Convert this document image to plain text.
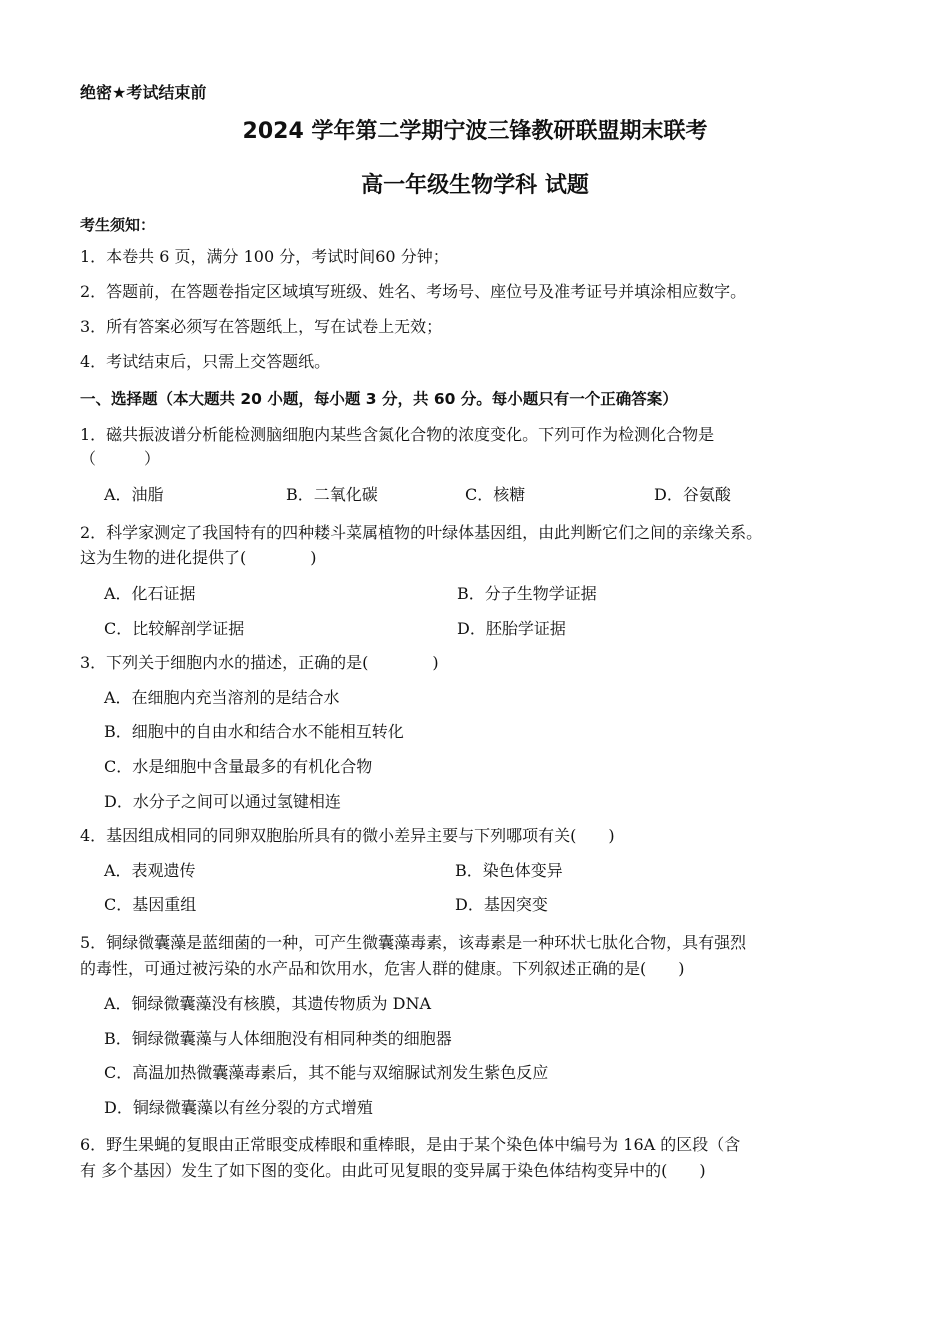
绝密★考试结束前
2024 学年第二学期宁波三锋教研联盟期末联考
高一年级生物学科 试题
考生须知：
1．本卷共 6 页，满分 100 分，考试时间60 分钟；
2．答题前，在答题卷指定区域填写班级、姓名、考场号、座位号及准考证号并填涂相应数字。
3．所有答案必须写在答题纸上，写在试卷上无效；
4．考试结束后，只需上交答题纸。
一、选择题（本大题共 20 小题，每小题 3 分，共 60 分。每小题只有一个正确答案）
1．磁共振波谱分析能检测脑细胞内某些含氮化合物的浓度变化。下列可作为检测化合物是
（　　　）
A．油脂	B．二氧化碳	C．核糖	D．谷氨酸
2．科学家测定了我国特有的四种耧斗菜属植物的叶绿体基因组，由此判断它们之间的亲缘关系。
这为生物的进化提供了(　　　　)
A．化石证据	B．分子生物学证据
C．比较解剖学证据	D．胚胎学证据
3．下列关于细胞内水的描述，正确的是(　　　　)
A．在细胞内充当溶剂的是结合水
B．细胞中的自由水和结合水不能相互转化
C．水是细胞中含量最多的有机化合物
D．水分子之间可以通过氢键相连
4．基因组成相同的同卵双胞胎所具有的微小差异主要与下列哪项有关(　　)
A．表观遗传	B．染色体变异
C．基因重组	D．基因突变
5．铜绿微囊藻是蓝细菌的一种，可产生微囊藻毒素，该毒素是一种环状七肽化合物，具有强烈
的毒性，可通过被污染的水产品和饮用水，危害人群的健康。下列叙述正确的是(　　)
A．铜绿微囊藻没有核膜，其遗传物质为 DNA
B．铜绿微囊藻与人体细胞没有相同种类的细胞器
C．高温加热微囊藻毒素后，其不能与双缩脲试剂发生紫色反应
D．铜绿微囊藻以有丝分裂的方式增殖
6．野生果蝇的复眼由正常眼变成棒眼和重棒眼，是由于某个染色体中编号为 16A 的区段（含
有 多个基因）发生了如下图的变化。由此可见复眼的变异属于染色体结构变异中的(　　)
